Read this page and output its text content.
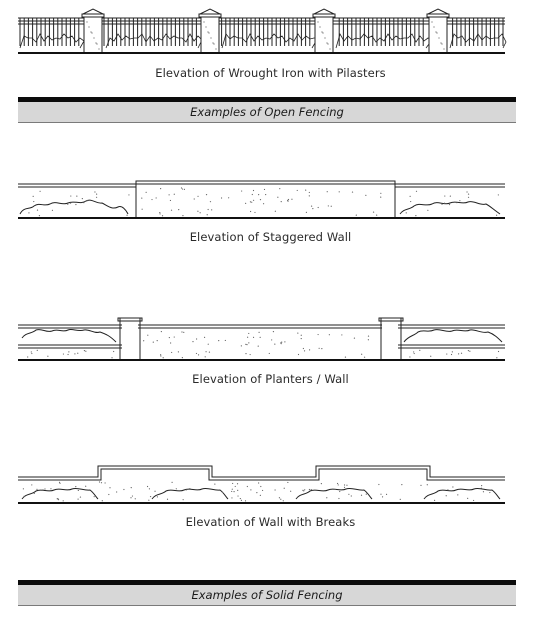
Elevation of Wrought Iron with Pilasters
Examples of Open Fencing
Elevation of Staggered Wall
Elevation of Planters / Wall
Elevation of Wall with Breaks
Examples of Solid Fencing
